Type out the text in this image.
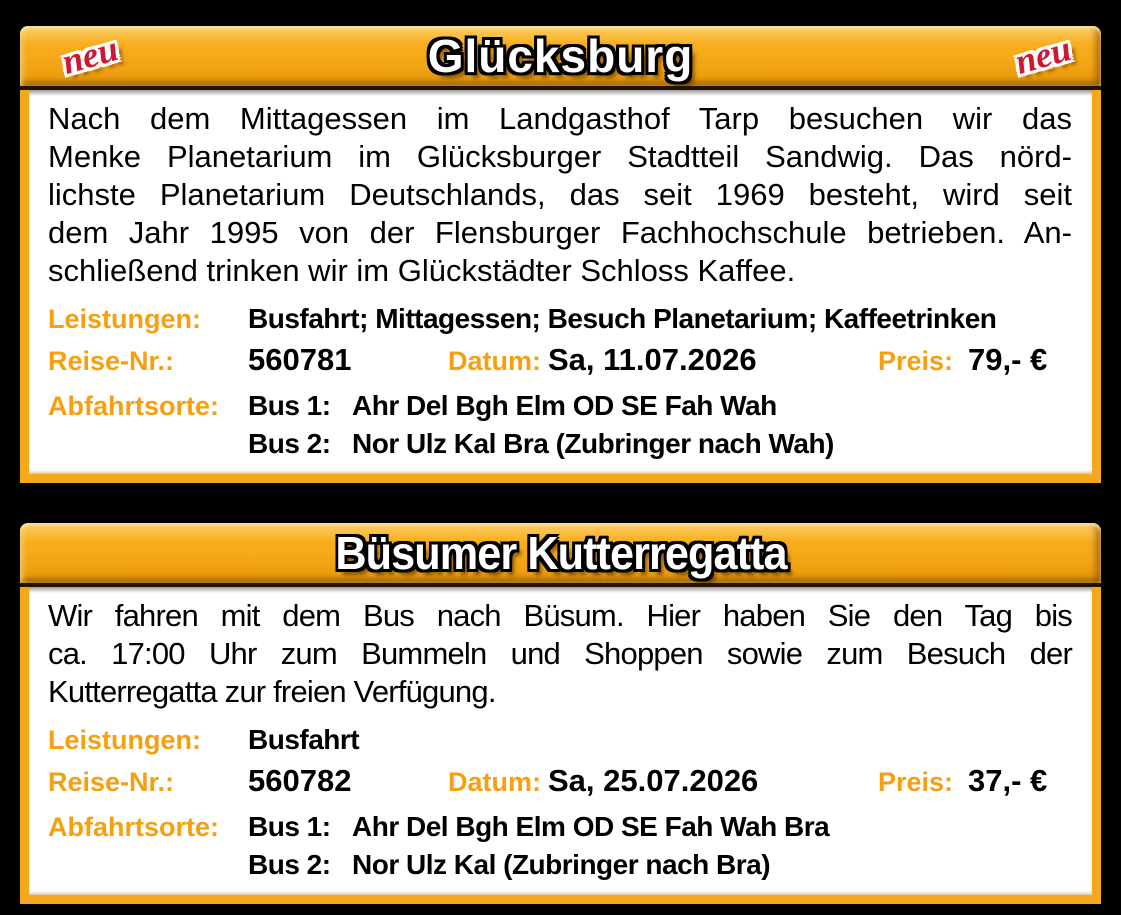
neu	Glücksburg	neu
Nach dem Mittagessen im Landgasthof Tarp besuchen wir das
Menke Planetarium im Glücksburger Stadtteil Sandwig. Das nörd-
lichste Planetarium Deutschlands, das seit 1969 besteht, wird seit
dem Jahr 1995 von der Flensburger Fachhochschule betrieben. An-
schließend trinken wir im Glückstädter Schloss Kaffee.
Leistungen:	Busfahrt; Mittagessen; Besuch Planetarium; Kaffeetrinken
Reise-Nr.:	560781	Datum: Sa, 11.07.2026	Preis: 79,- €
Abfahrtsorte:	Bus 1: Ahr Del Bgh Elm OD SE Fah Wah
Bus 2: Nor Ulz Kal Bra (Zubringer nach Wah)
Büsumer Kutterregatta
Wir fahren mit dem Bus nach Büsum. Hier haben Sie den Tag bis
ca. 17:00 Uhr zum Bummeln und Shoppen sowie zum Besuch der
Kutterregatta zur freien Verfügung.
Leistungen:	Busfahrt
Reise-Nr.:	560782	Datum: Sa, 25.07.2026	Preis: 37,- €
Abfahrtsorte:	Bus 1: Ahr Del Bgh Elm OD SE Fah Wah Bra
Bus 2: Nor Ulz Kal (Zubringer nach Bra)
